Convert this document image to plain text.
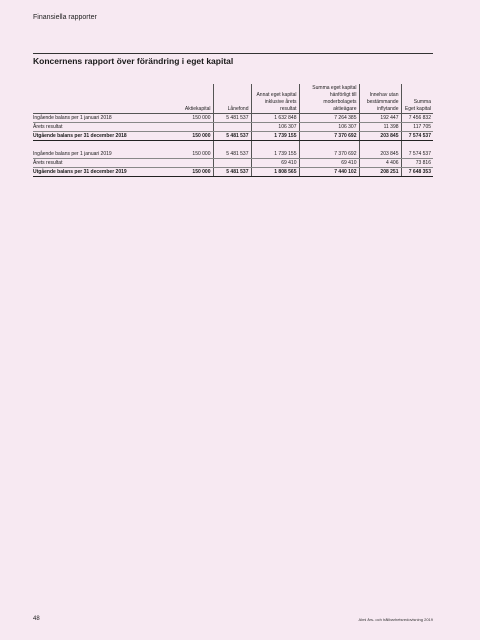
Finansiella rapporter
Koncernens rapport över förändring i eget kapital
	Aktiekapital	Lånefond	Annat eget kapital inklusive årets resultat	Summa eget kapital hänförligt till moderbolagets aktieägare	Innehav utan bestämmande inflytande	Summa Eget kapital
Ingående balans per 1 januari 2018	150 000	5 481 537	1 632 848	7 264 385	192 447	7 456 832
Årets resultat			106 307	106 307	11 398	117 705
Utgående balans per 31 december 2018	150 000	5 481 537	1 739 155	7 370 692	203 845	7 574 537

Ingående balans per 1 januari 2019	150 000	5 481 537	1 739 155	7 370 692	203 845	7 574 537
Årets resultat			69 410	69 410	4 406	73 816
Utgående balans per 31 december 2019	150 000	5 481 537	1 808 565	7 440 102	208 251	7 648 353
48	Almi års- och hållbarhetsredovisning 2019
